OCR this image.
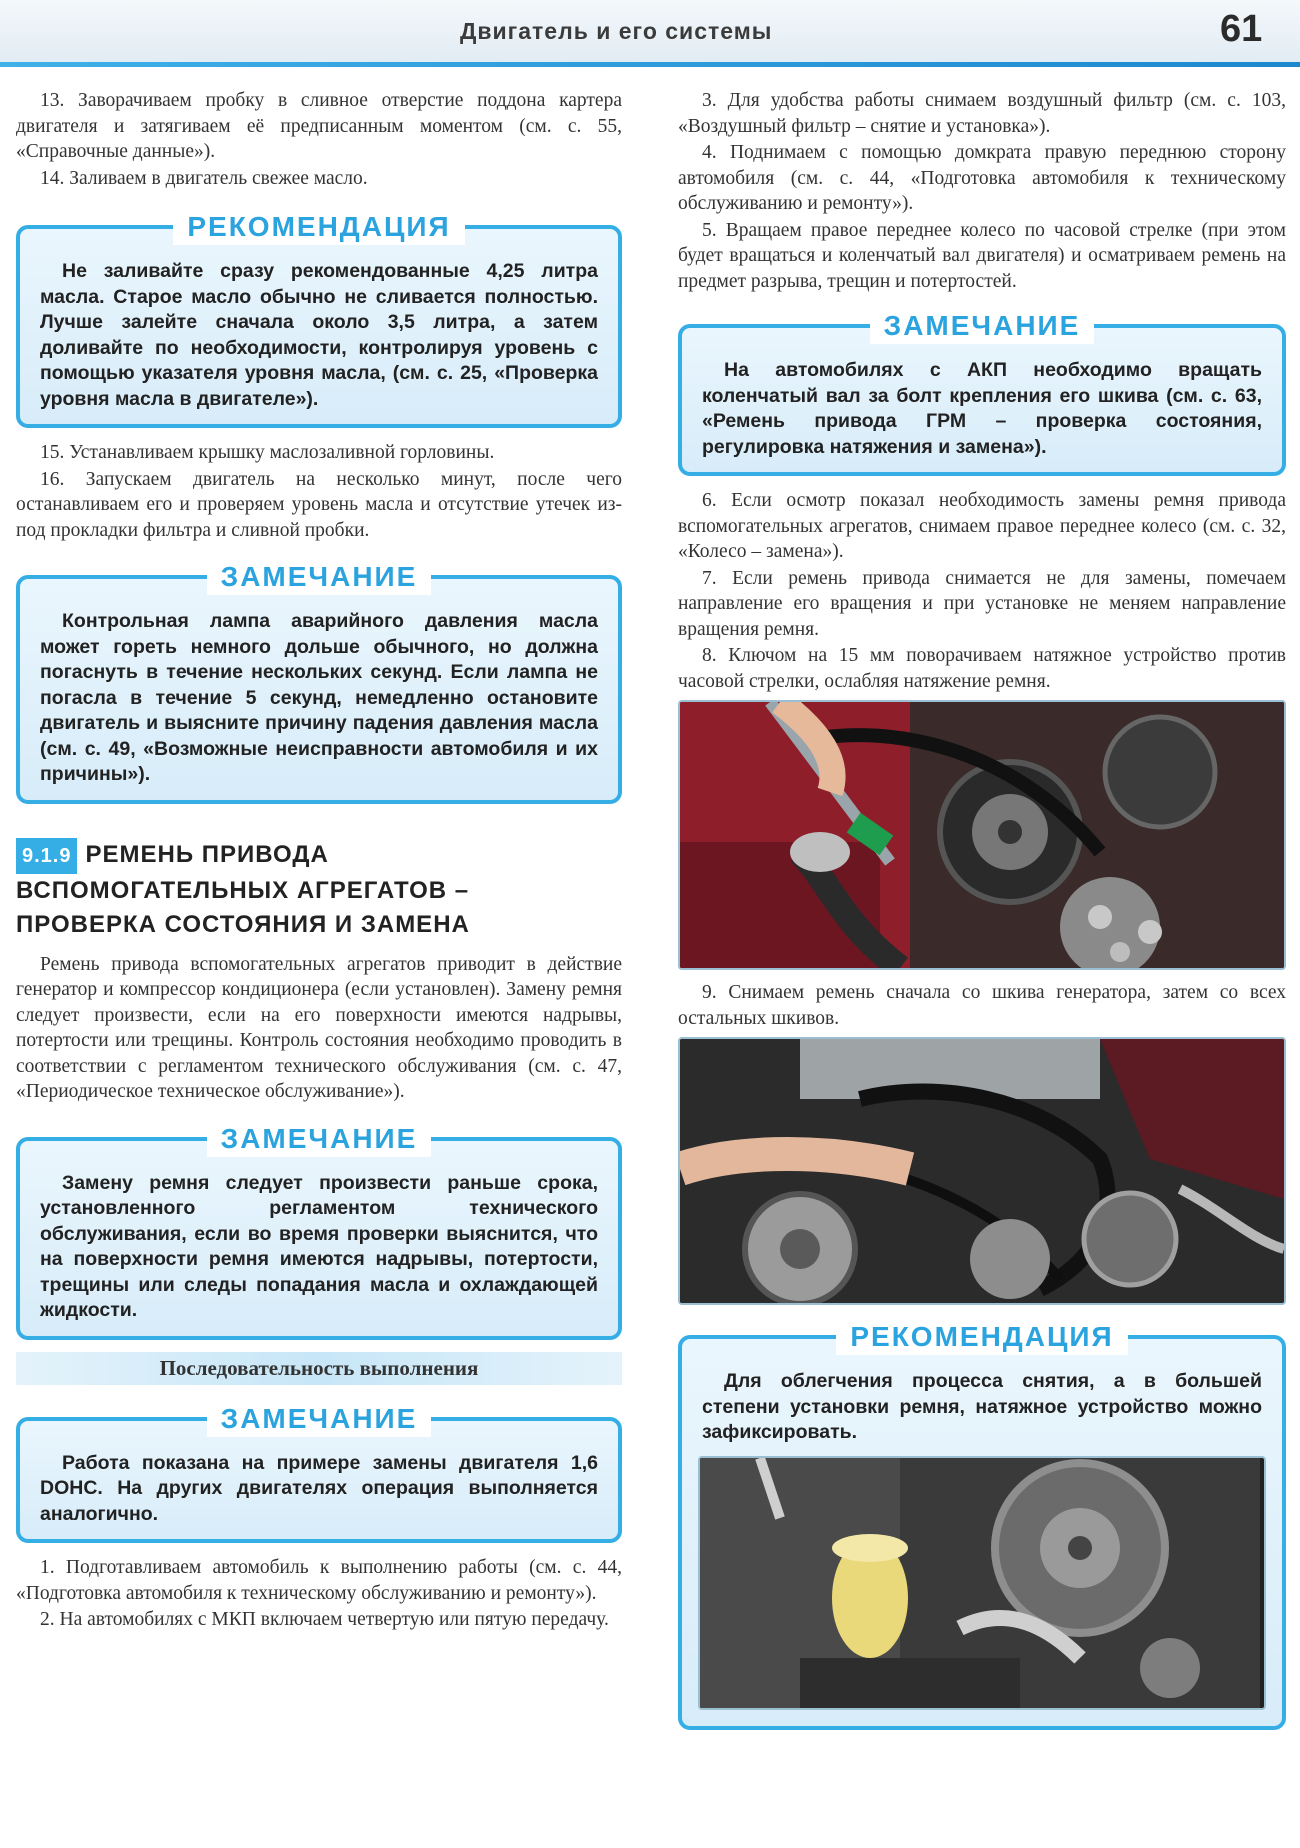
Двигатель и его системы	61

13. Заворачиваем пробку в сливное отверстие поддона картера двигателя и затягиваем её предписанным моментом (см. с. 55, «Справочные данные»).

14. Заливаем в двигатель свежее масло.

РЕКОМЕНДАЦИЯ

Не заливайте сразу рекомендованные 4,25 литра масла. Старое масло обычно не сливается полностью. Лучше залейте сначала около 3,5 литра, а затем доливайте по необходимости, контролируя уровень с помощью указателя уровня масла, (см. с. 25, «Проверка уровня масла в двигателе»).

15. Устанавливаем крышку маслозаливной горловины.

16. Запускаем двигатель на несколько минут, после чего останавливаем его и проверяем уровень масла и отсутствие утечек из-под прокладки фильтра и сливной пробки.

ЗАМЕЧАНИЕ

Контрольная лампа аварийного давления масла может гореть немного дольше обычного, но должна погаснуть в течение нескольких секунд. Если лампа не погасла в течение 5 секунд, немедленно остановите двигатель и выясните причину падения давления масла (см. с. 49, «Возможные неисправности автомобиля и их причины»).

9.1.9 РЕМЕНЬ ПРИВОДА
ВСПОМОГАТЕЛЬНЫХ АГРЕГАТОВ –
ПРОВЕРКА СОСТОЯНИЯ И ЗАМЕНА

Ремень привода вспомогательных агрегатов приводит в действие генератор и компрессор кондиционера (если установлен). Замену ремня следует произвести, если на его поверхности имеются надрывы, потертости или трещины. Контроль состояния необходимо проводить в соответствии с регламентом технического обслуживания (см. с. 47, «Периодическое техническое обслуживание»).

ЗАМЕЧАНИЕ

Замену ремня следует произвести раньше срока, установленного регламентом технического обслуживания, если во время проверки выяснится, что на поверхности ремня имеются надрывы, потертости, трещины или следы попадания масла и охлаждающей жидкости.

Последовательность выполнения
ЗАМЕЧАНИЕ

Работа показана на примере замены двигателя 1,6 DOHC. На других двигателях операция выполняется аналогично.

1. Подготавливаем автомобиль к выполнению работы (см. с. 44, «Подготовка автомобиля к техническому обслуживанию и ремонту»).

2. На автомобилях с МКП включаем четвертую или пятую передачу.

3. Для удобства работы снимаем воздушный фильтр (см. с. 103, «Воздушный фильтр – снятие и установка»).

4. Поднимаем с помощью домкрата правую переднюю сторону автомобиля (см. с. 44, «Подготовка автомобиля к техническому обслуживанию и ремонту»).

5. Вращаем правое переднее колесо по часовой стрелке (при этом будет вращаться и коленчатый вал двигателя) и осматриваем ремень на предмет разрыва, трещин и потертостей.

ЗАМЕЧАНИЕ

На автомобилях с АКП необходимо вращать коленчатый вал за болт крепления его шкива (см. с. 63, «Ремень привода ГРМ – проверка состояния, регулировка натяжения и замена»).

6. Если осмотр показал необходимость замены ремня привода вспомогательных агрегатов, снимаем правое переднее колесо (см. с. 32, «Колесо – замена»).

7. Если ремень привода снимается не для замены, помечаем направление его вращения и при установке не меняем направление вращения ремня.

8. Ключом на 15 мм поворачиваем натяжное устройство против часовой стрелки, ослабляя натяжение ремня.

9. Снимаем ремень сначала со шкива генератора, затем со всех остальных шкивов.

РЕКОМЕНДАЦИЯ

Для облегчения процесса снятия, а в большей степени установки ремня, натяжное устройство можно зафиксировать.
